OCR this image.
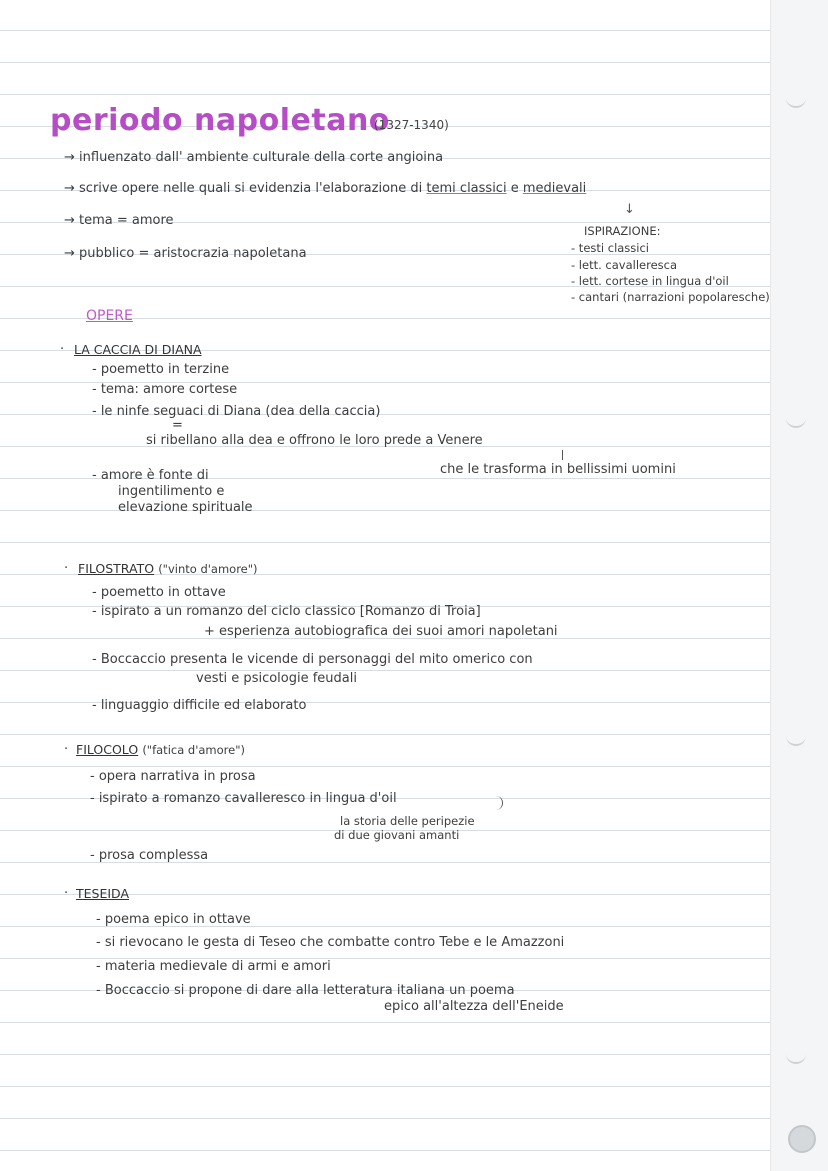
periodo napoletano
(1327-1340)
→ influenzato dall' ambiente culturale della corte angioina
→ scrive opere nelle quali si evidenzia l'elaborazione di temi classici e medievali
→ tema = amore
→ pubblico = aristocrazia napoletana
↓
ISPIRAZIONE:
- testi classici
- lett. cavalleresca
- lett. cortese in lingua d'oil
- cantari (narrazioni popolaresche)
OPERE
· LA CACCIA DI DIANA
- poemetto in terzine
- tema: amore cortese
- le ninfe seguaci di Diana (dea della caccia)
=
si ribellano alla dea e offrono le loro prede a Venere
che le trasforma in bellissimi uomini
- amore è fonte di
ingentilimento e
elevazione spirituale
· FILOSTRATO ("vinto d'amore")
- poemetto in ottave
- ispirato a un romanzo del ciclo classico [Romanzo di Troia]
+ esperienza autobiografica dei suoi amori napoletani
- Boccaccio presenta le vicende di personaggi del mito omerico con
vesti e psicologie feudali
- linguaggio difficile ed elaborato
· FILOCOLO ("fatica d'amore")
- opera narrativa in prosa
- ispirato a romanzo cavalleresco in lingua d'oil
la storia delle peripezie
di due giovani amanti
- prosa complessa
· TESEIDA
- poema epico in ottave
- si rievocano le gesta di Teseo che combatte contro Tebe e le Amazzoni
- materia medievale di armi e amori
- Boccaccio si propone di dare alla letteratura italiana un poema
epico all'altezza dell'Eneide
